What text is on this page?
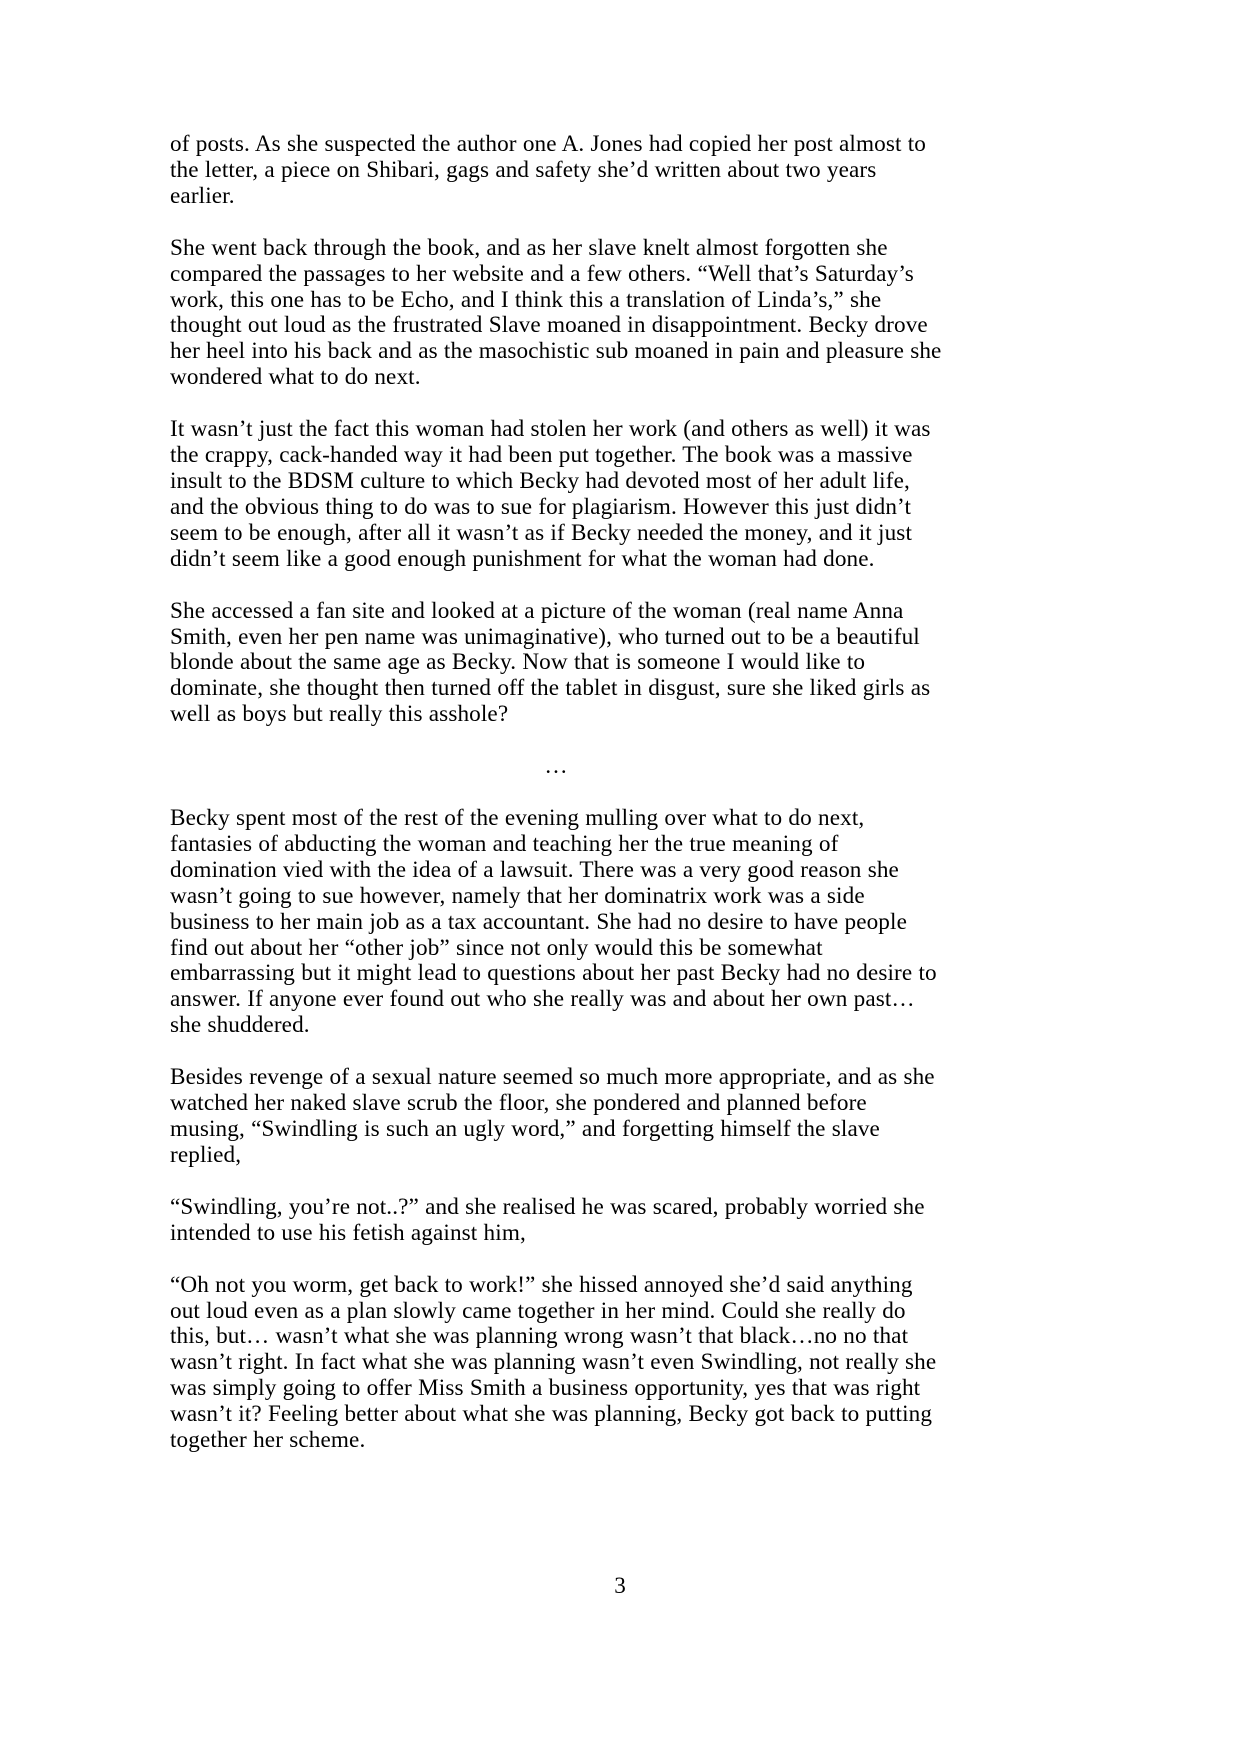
of posts. As she suspected the author one A. Jones had copied her post almost to the letter, a piece on Shibari, gags and safety she’d written about two years earlier.

She went back through the book, and as her slave knelt almost forgotten she compared the passages to her website and a few others. “Well that’s Saturday’s work, this one has to be Echo, and I think this a translation of Linda’s,” she thought out loud as the frustrated Slave moaned in disappointment. Becky drove her heel into his back and as the masochistic sub moaned in pain and pleasure she wondered what to do next.

It wasn’t just the fact this woman had stolen her work (and others as well) it was the crappy, cack-handed way it had been put together. The book was a massive insult to the BDSM culture to which Becky had devoted most of her adult life, and the obvious thing to do was to sue for plagiarism. However this just didn’t seem to be enough, after all it wasn’t as if Becky needed the money, and it just didn’t seem like a good enough punishment for what the woman had done.

She accessed a fan site and looked at a picture of the woman (real name Anna Smith, even her pen name was unimaginative), who turned out to be a beautiful blonde about the same age as Becky. Now that is someone I would like to dominate, she thought then turned off the tablet in disgust, sure she liked girls as well as boys but really this asshole?

…

Becky spent most of the rest of the evening mulling over what to do next, fantasies of abducting the woman and teaching her the true meaning of domination vied with the idea of a lawsuit. There was a very good reason she wasn’t going to sue however, namely that her dominatrix work was a side business to her main job as a tax accountant. She had no desire to have people find out about her “other job” since not only would this be somewhat embarrassing but it might lead to questions about her past Becky had no desire to answer. If anyone ever found out who she really was and about her own past…she shuddered.

Besides revenge of a sexual nature seemed so much more appropriate, and as she watched her naked slave scrub the floor, she pondered and planned before musing, “Swindling is such an ugly word,” and forgetting himself the slave replied,

“Swindling, you’re not..?” and she realised he was scared, probably worried she intended to use his fetish against him,

“Oh not you worm, get back to work!” she hissed annoyed she’d said anything out loud even as a plan slowly came together in her mind. Could she really do this, but… wasn’t what she was planning wrong wasn’t that black…no no that wasn’t right. In fact what she was planning wasn’t even Swindling, not really she was simply going to offer Miss Smith a business opportunity, yes that was right wasn’t it? Feeling better about what she was planning, Becky got back to putting together her scheme.

3
